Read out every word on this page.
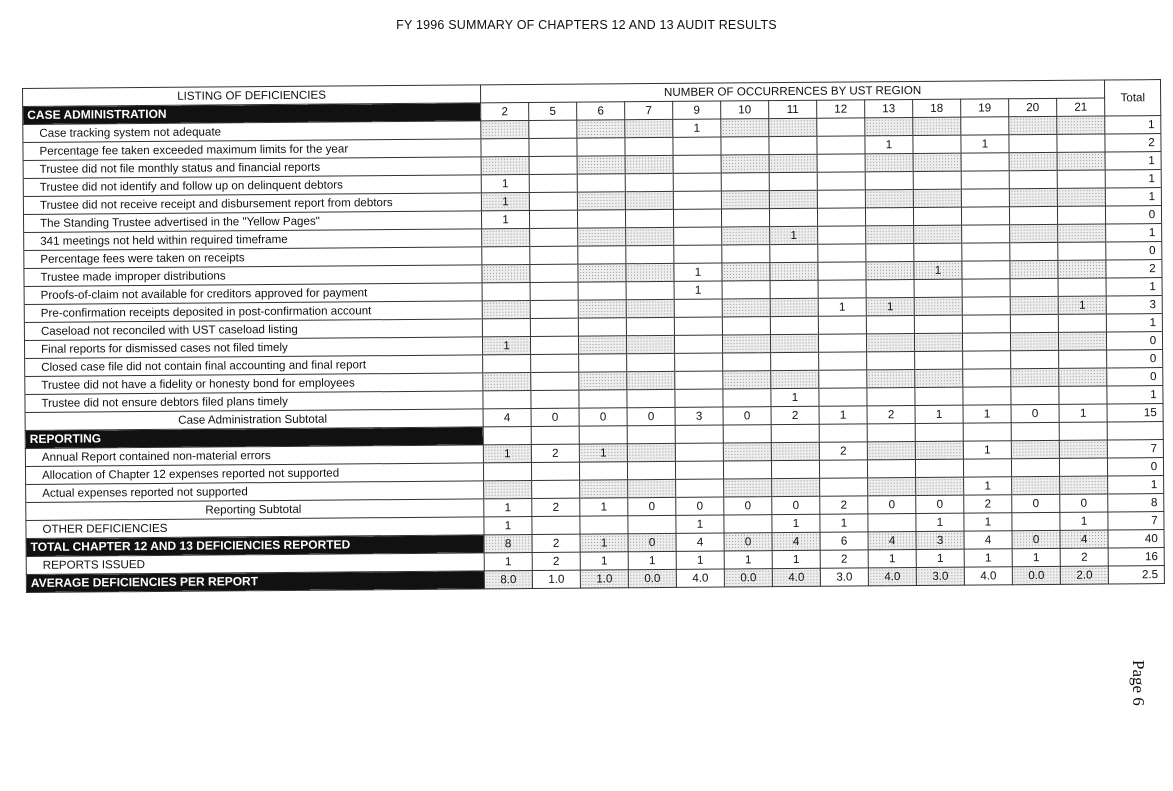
FY 1996 SUMMARY OF CHAPTERS 12 AND 13 AUDIT RESULTS
LISTING OF DEFICIENCIES	NUMBER OF OCCURRENCES BY UST REGION													Total
CASE ADMINISTRATION	2	5	6	7	9	10	11	12	13	18	19	20	21	
Case tracking system not adequate					1									1
Percentage fee taken exceeded maximum limits for the year									1		1			2
Trustee did not file monthly status and financial reports														1
Trustee did not identify and follow up on delinquent debtors	1													1
Trustee did not receive receipt and disbursement report from debtors	1													1
The Standing Trustee advertised in the "Yellow Pages"	1													0
341 meetings not held within required timeframe							1							1
Percentage fees were taken on receipts														0
Trustee made improper distributions					1					1				2
Proofs-of-claim not available for creditors approved for payment					1									1
Pre-confirmation receipts deposited in post-confirmation account								1	1				1	3
Caseload not reconciled with UST caseload listing														1
Final reports for dismissed cases not filed timely	1													0
Closed case file did not contain final accounting and final report														0
Trustee did not have a fidelity or honesty bond for employees														0
Trustee did not ensure debtors filed plans timely							1							1
Case Administration Subtotal	4	0	0	0	3	0	2	1	2	1	1	0	1	15
REPORTING														
Annual Report contained non-material errors	1	2	1					2			1			7
Allocation of Chapter 12 expenses reported not supported														0
Actual expenses reported not supported											1			1
Reporting Subtotal	1	2	1	0	0	0	0	2	0	0	2	0	0	8
OTHER DEFICIENCIES	1				1		1	1		1	1		1	7
TOTAL CHAPTER 12 AND 13 DEFICIENCIES REPORTED	8	2	1	0	4	0	4	6	4	3	4	0	4	40
REPORTS ISSUED	1	2	1	1	1	1	1	2	1	1	1	1	2	16
AVERAGE DEFICIENCIES PER REPORT	8.0	1.0	1.0	0.0	4.0	0.0	4.0	3.0	4.0	3.0	4.0	0.0	2.0	2.5
Page 6
